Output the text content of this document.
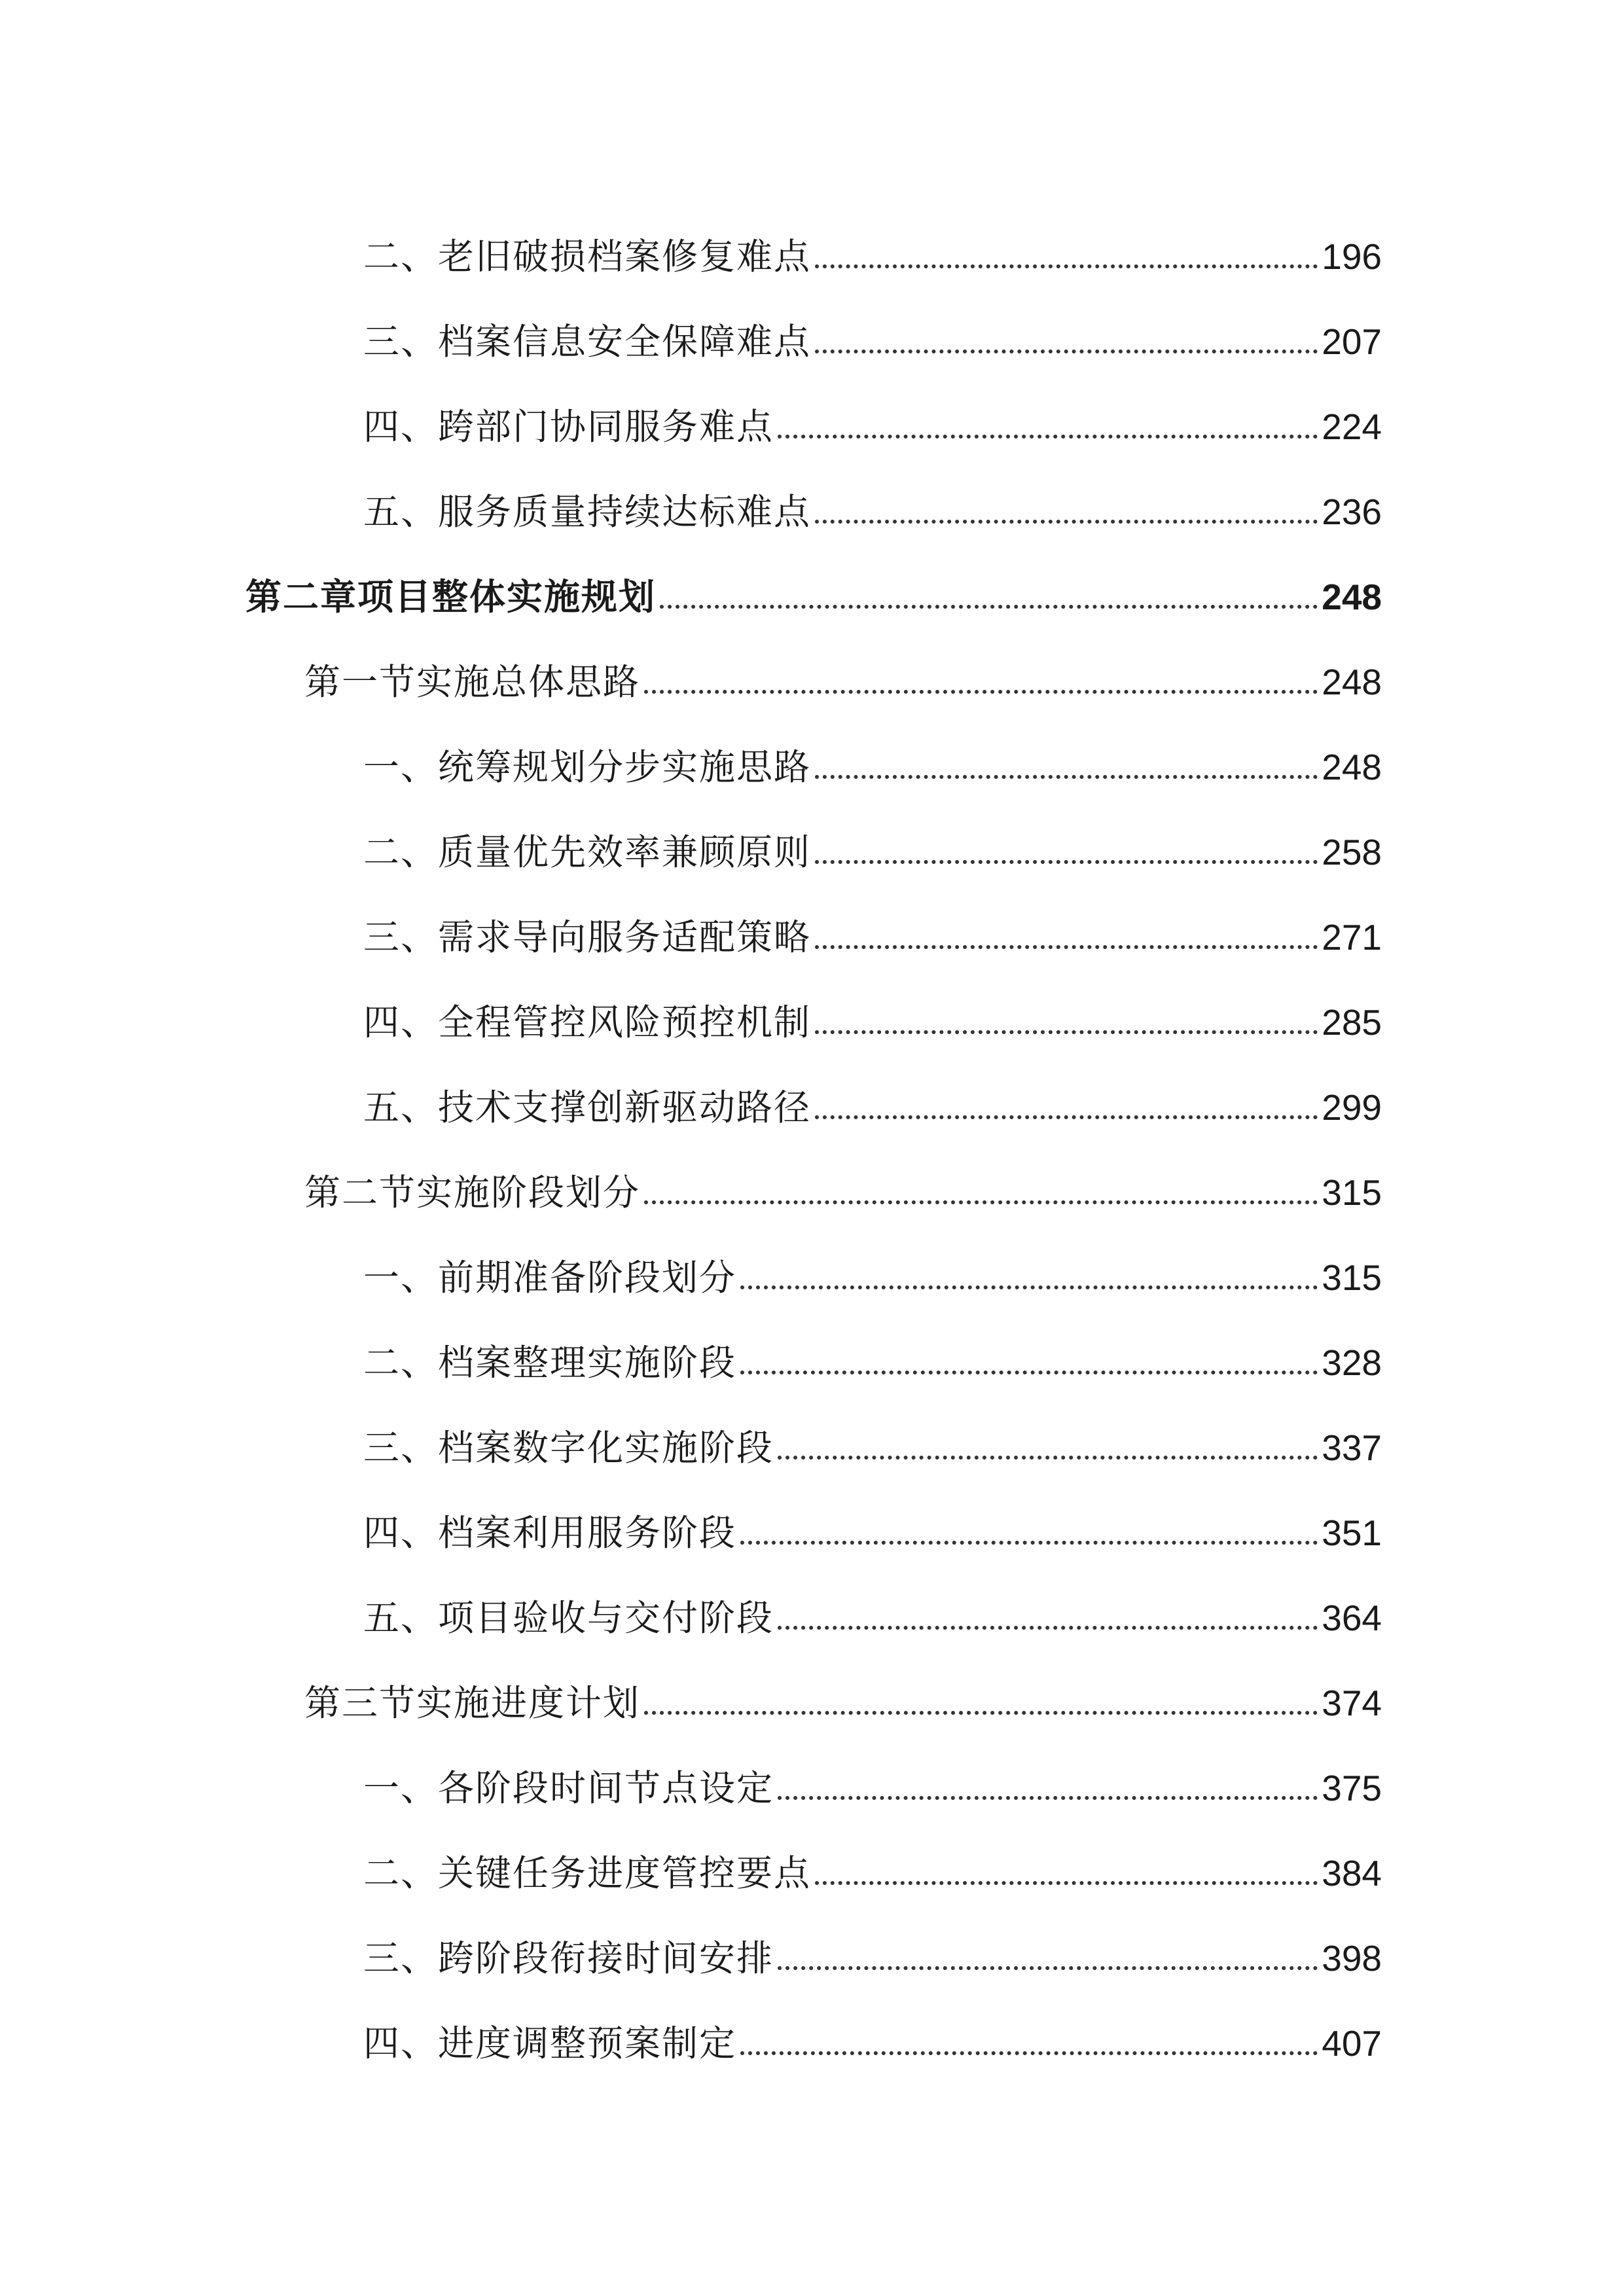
二、老旧破损档案修复难点	196
三、档案信息安全保障难点	207
四、跨部门协同服务难点	224
五、服务质量持续达标难点	236
第二章项目整体实施规划	248
第一节实施总体思路	248
一、统筹规划分步实施思路	248
二、质量优先效率兼顾原则	258
三、需求导向服务适配策略	271
四、全程管控风险预控机制	285
五、技术支撑创新驱动路径	299
第二节实施阶段划分	315
一、前期准备阶段划分	315
二、档案整理实施阶段	328
三、档案数字化实施阶段	337
四、档案利用服务阶段	351
五、项目验收与交付阶段	364
第三节实施进度计划	374
一、各阶段时间节点设定	375
二、关键任务进度管控要点	384
三、跨阶段衔接时间安排	398
四、进度调整预案制定	407
